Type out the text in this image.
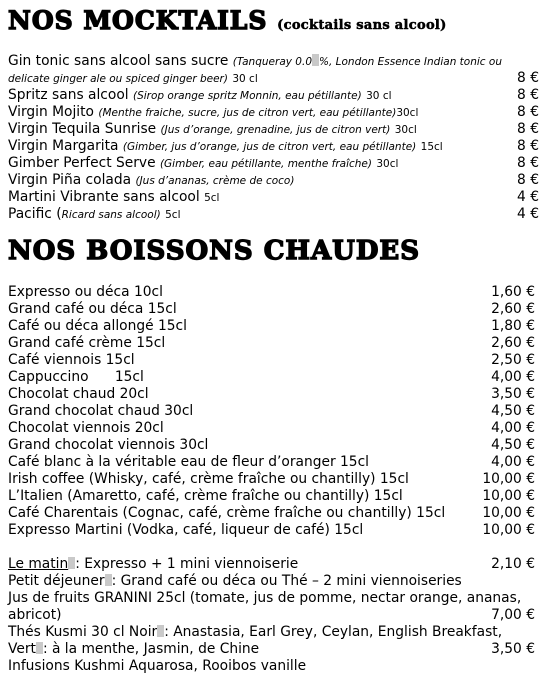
NOS MOCKTAILS (cocktails sans alcool)
Gin tonic sans alcool sans sucre (Tanqueray 0.0 %, London Essence Indian tonic ou
delicate ginger ale ou spiced ginger beer) 30 cl	8 €
Spritz sans alcool (Sirop orange spritz Monnin, eau pétillante) 30 cl	8 €
Virgin Mojito (Menthe fraiche, sucre, jus de citron vert, eau pétillante)30cl	8 €
Virgin Tequila Sunrise (Jus d’orange, grenadine, jus de citron vert) 30cl	8 €
Virgin Margarita (Gimber, jus d’orange, jus de citron vert, eau pétillante) 15cl	8 €
Gimber Perfect Serve (Gimber, eau pétillante, menthe fraîche) 30cl	8 €
Virgin Piña colada (Jus d’ananas, crème de coco)	8 €
Martini Vibrante sans alcool 5cl	4 €
Pacific (Ricard sans alcool) 5cl	4 €
NOS BOISSONS CHAUDES
Expresso ou déca 10cl	1,60 €
Grand café ou déca 15cl	2,60 €
Café ou déca allongé 15cl	1,80 €
Grand café crème 15cl	2,60 €
Café viennois 15cl	2,50 €
Cappuccino      15cl	4,00 €
Chocolat chaud 20cl	3,50 €
Grand chocolat chaud 30cl	4,50 €
Chocolat viennois 20cl	4,00 €
Grand chocolat viennois 30cl	4,50 €
Café blanc à la véritable eau de fleur d’oranger 15cl	4,00 €
Irish coffee (Whisky, café, crème fraîche ou chantilly) 15cl	10,00 €
L’Italien (Amaretto, café, crème fraîche ou chantilly) 15cl	10,00 €
Café Charentais (Cognac, café, crème fraîche ou chantilly) 15cl	10,00 €
Expresso Martini (Vodka, café, liqueur de café) 15cl	10,00 €
Le matin : Expresso + 1 mini viennoiserie	2,10 €
Petit déjeuner : Grand café ou déca ou Thé – 2 mini viennoiseries
Jus de fruits GRANINI 25cl (tomate, jus de pomme, nectar orange, ananas,
abricot)	7,00 €
Thés Kusmi 30 cl Noir : Anastasia, Earl Grey, Ceylan, English Breakfast,
Vert : à la menthe, Jasmin, de Chine	3,50 €
Infusions Kushmi Aquarosa, Rooibos vanille
